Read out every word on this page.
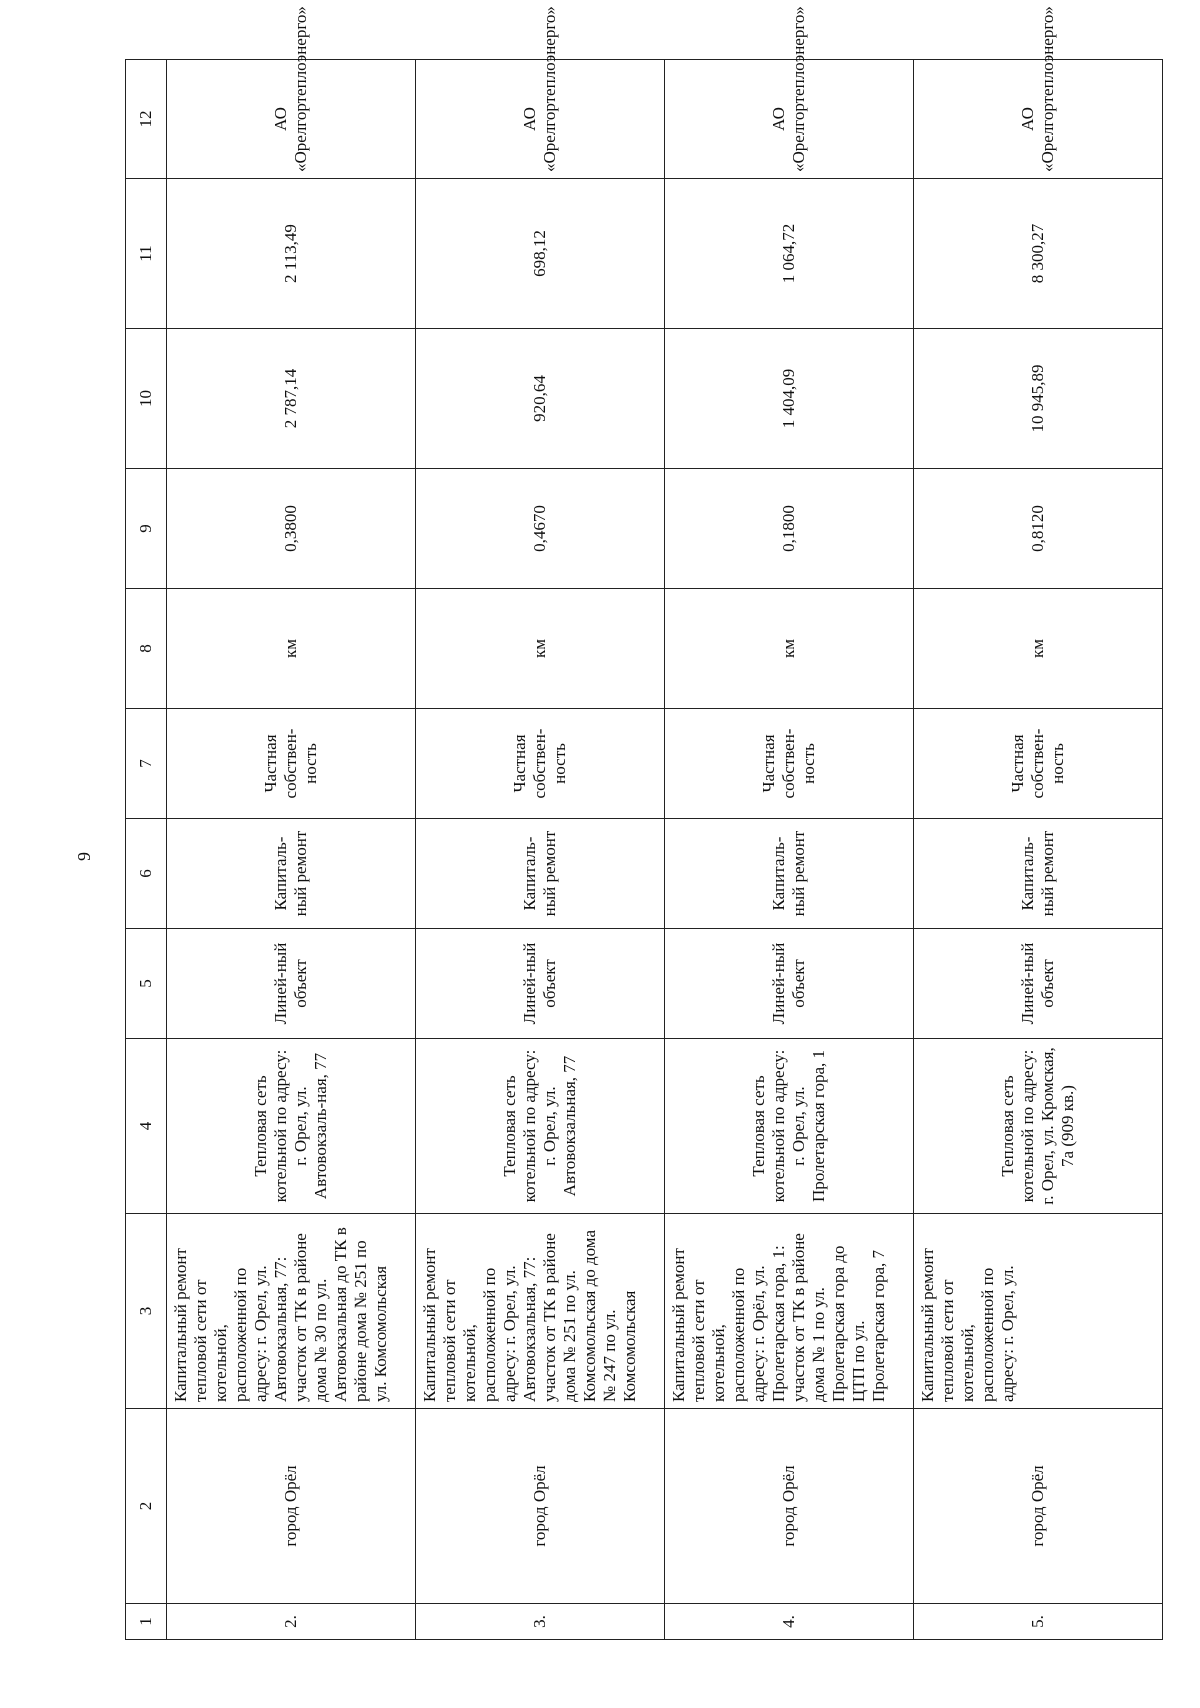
9
1	2	3	4	5	6	7	8	9	10	11	12
2.	город Орёл	Капитальный ремонт тепловой сети от котельной, расположенной по адресу: г. Орел, ул. Автовокзальная, 77: участок от ТК в районе дома № 30 по ул. Автовокзальная до ТК в районе дома № 251 по ул. Комсомольская	Тепловая сеть котельной по адресу: г. Орел, ул. Автовокзаль-ная, 77	Линей-ный объект	Капиталь-ный ремонт	Частная собствен-ность	км	0,3800	2 787,14	2 113,49	АО «Орелгортеплоэнерго»
3.	город Орёл	Капитальный ремонт тепловой сети от котельной, расположенной по адресу: г. Орел, ул. Автовокзальная, 77: участок от ТК в районе дома № 251 по ул. Комсомольская до дома № 247 по ул. Комсомольская	Тепловая сеть котельной по адресу: г. Орел, ул. Автовокзальная, 77	Линей-ный объект	Капиталь-ный ремонт	Частная собствен-ность	км	0,4670	920,64	698,12	АО «Орелгортеплоэнерго»
4.	город Орёл	Капитальный ремонт тепловой сети от котельной, расположенной по адресу: г. Орёл, ул. Пролетарская гора, 1: участок от ТК в районе дома № 1 по ул. Пролетарская гора до ЦТП по ул. Пролетарская гора, 7	Тепловая сеть котельной по адресу: г. Орел, ул. Пролетарская гора, 1	Линей-ный объект	Капиталь-ный ремонт	Частная собствен-ность	км	0,1800	1 404,09	1 064,72	АО «Орелгортеплоэнерго»
5.	город Орёл	Капитальный ремонт тепловой сети от котельной, расположенной по адресу: г. Орел, ул.	Тепловая сеть котельной по адресу: г. Орел, ул. Кромская, 7а (909 кв.)	Линей-ный объект	Капиталь-ный ремонт	Частная собствен-ность	км	0,8120	10 945,89	8 300,27	АО «Орелгортеплоэнерго»
